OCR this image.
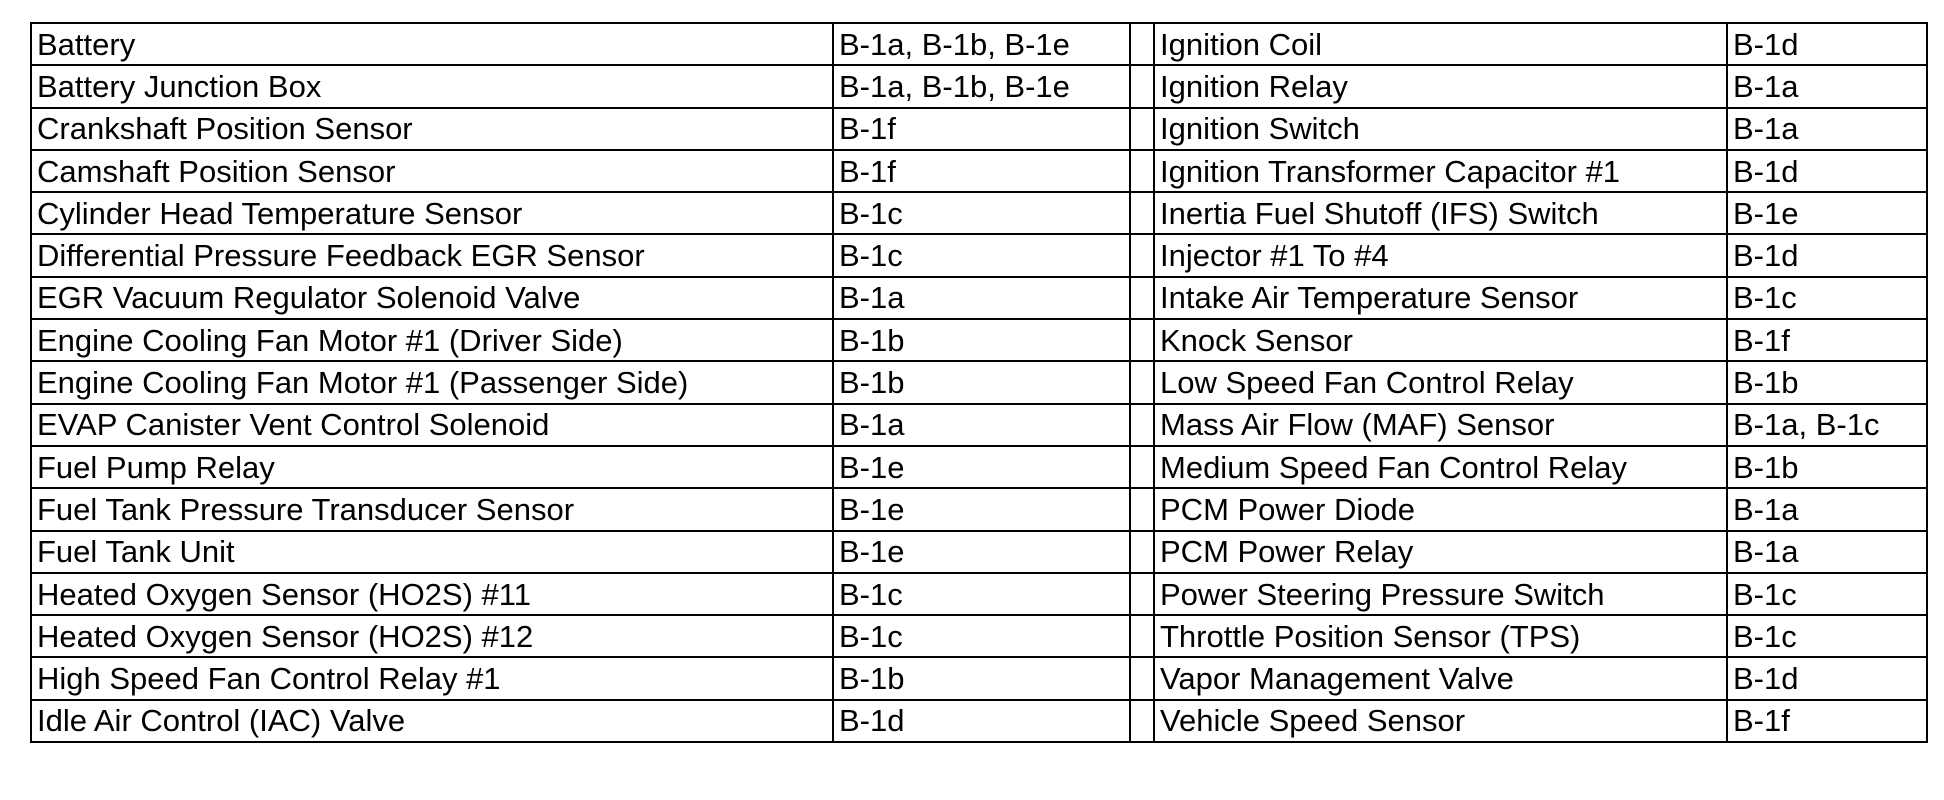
Battery	B-1a, B-1b, B-1e		Ignition Coil	B-1d
Battery Junction Box	B-1a, B-1b, B-1e		Ignition Relay	B-1a
Crankshaft Position Sensor	B-1f		Ignition Switch	B-1a
Camshaft Position Sensor	B-1f		Ignition Transformer Capacitor #1	B-1d
Cylinder Head Temperature Sensor	B-1c		Inertia Fuel Shutoff (IFS) Switch	B-1e
Differential Pressure Feedback EGR Sensor	B-1c		Injector #1 To #4	B-1d
EGR Vacuum Regulator Solenoid Valve	B-1a		Intake Air Temperature Sensor	B-1c
Engine Cooling Fan Motor #1 (Driver Side)	B-1b		Knock Sensor	B-1f
Engine Cooling Fan Motor #1 (Passenger Side)	B-1b		Low Speed Fan Control Relay	B-1b
EVAP Canister Vent Control Solenoid	B-1a		Mass Air Flow (MAF) Sensor	B-1a, B-1c
Fuel Pump Relay	B-1e		Medium Speed Fan Control Relay	B-1b
Fuel Tank Pressure Transducer Sensor	B-1e		PCM Power Diode	B-1a
Fuel Tank Unit	B-1e		PCM Power Relay	B-1a
Heated Oxygen Sensor (HO2S) #11	B-1c		Power Steering Pressure Switch	B-1c
Heated Oxygen Sensor (HO2S) #12	B-1c		Throttle Position Sensor (TPS)	B-1c
High Speed Fan Control Relay #1	B-1b		Vapor Management Valve	B-1d
Idle Air Control (IAC) Valve	B-1d		Vehicle Speed Sensor	B-1f
